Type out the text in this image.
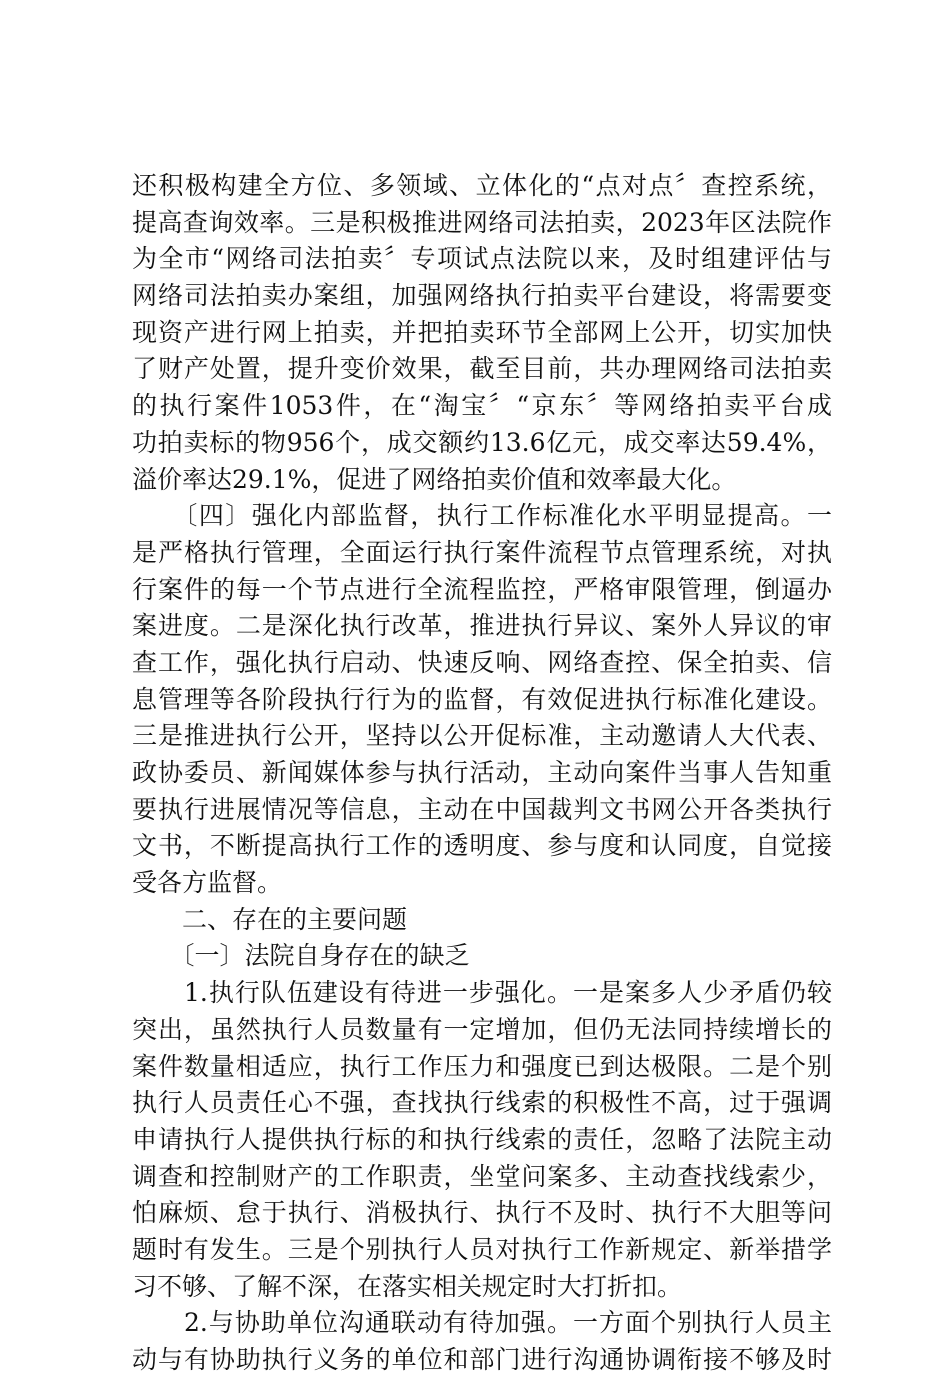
还积极构建全方位、多领域、立体化的“点对点〞查控系统，
提高查询效率。三是积极推进网络司法拍卖，2023年区法院作
为全市“网络司法拍卖〞专项试点法院以来，及时组建评估与
网络司法拍卖办案组，加强网络执行拍卖平台建设，将需要变
现资产进行网上拍卖，并把拍卖环节全部网上公开，切实加快
了财产处置，提升变价效果，截至目前，共办理网络司法拍卖
的执行案件1053件，在“淘宝〞“京东〞等网络拍卖平台成
功拍卖标的物956个，成交额约13.6亿元，成交率达59.4%，
溢价率达29.1%，促进了网络拍卖价值和效率最大化。
　　〔四〕强化内部监督，执行工作标准化水平明显提高。一
是严格执行管理，全面运行执行案件流程节点管理系统，对执
行案件的每一个节点进行全流程监控，严格审限管理，倒逼办
案进度。二是深化执行改革，推进执行异议、案外人异议的审
查工作，强化执行启动、快速反响、网络查控、保全拍卖、信
息管理等各阶段执行行为的监督，有效促进执行标准化建设。
三是推进执行公开，坚持以公开促标准，主动邀请人大代表、
政协委员、新闻媒体参与执行活动，主动向案件当事人告知重
要执行进展情况等信息，主动在中国裁判文书网公开各类执行
文书，不断提高执行工作的透明度、参与度和认同度，自觉接
受各方监督。
　　二、存在的主要问题
　　〔一〕法院自身存在的缺乏
　　1.执行队伍建设有待进一步强化。一是案多人少矛盾仍较
突出，虽然执行人员数量有一定增加，但仍无法同持续增长的
案件数量相适应，执行工作压力和强度已到达极限。二是个别
执行人员责任心不强，查找执行线索的积极性不高，过于强调
申请执行人提供执行标的和执行线索的责任，忽略了法院主动
调查和控制财产的工作职责，坐堂问案多、主动查找线索少，
怕麻烦、怠于执行、消极执行、执行不及时、执行不大胆等问
题时有发生。三是个别执行人员对执行工作新规定、新举措学
习不够、了解不深，在落实相关规定时大打折扣。
　　2.与协助单位沟通联动有待加强。一方面个别执行人员主
动与有协助执行义务的单位和部门进行沟通协调衔接不够及时
